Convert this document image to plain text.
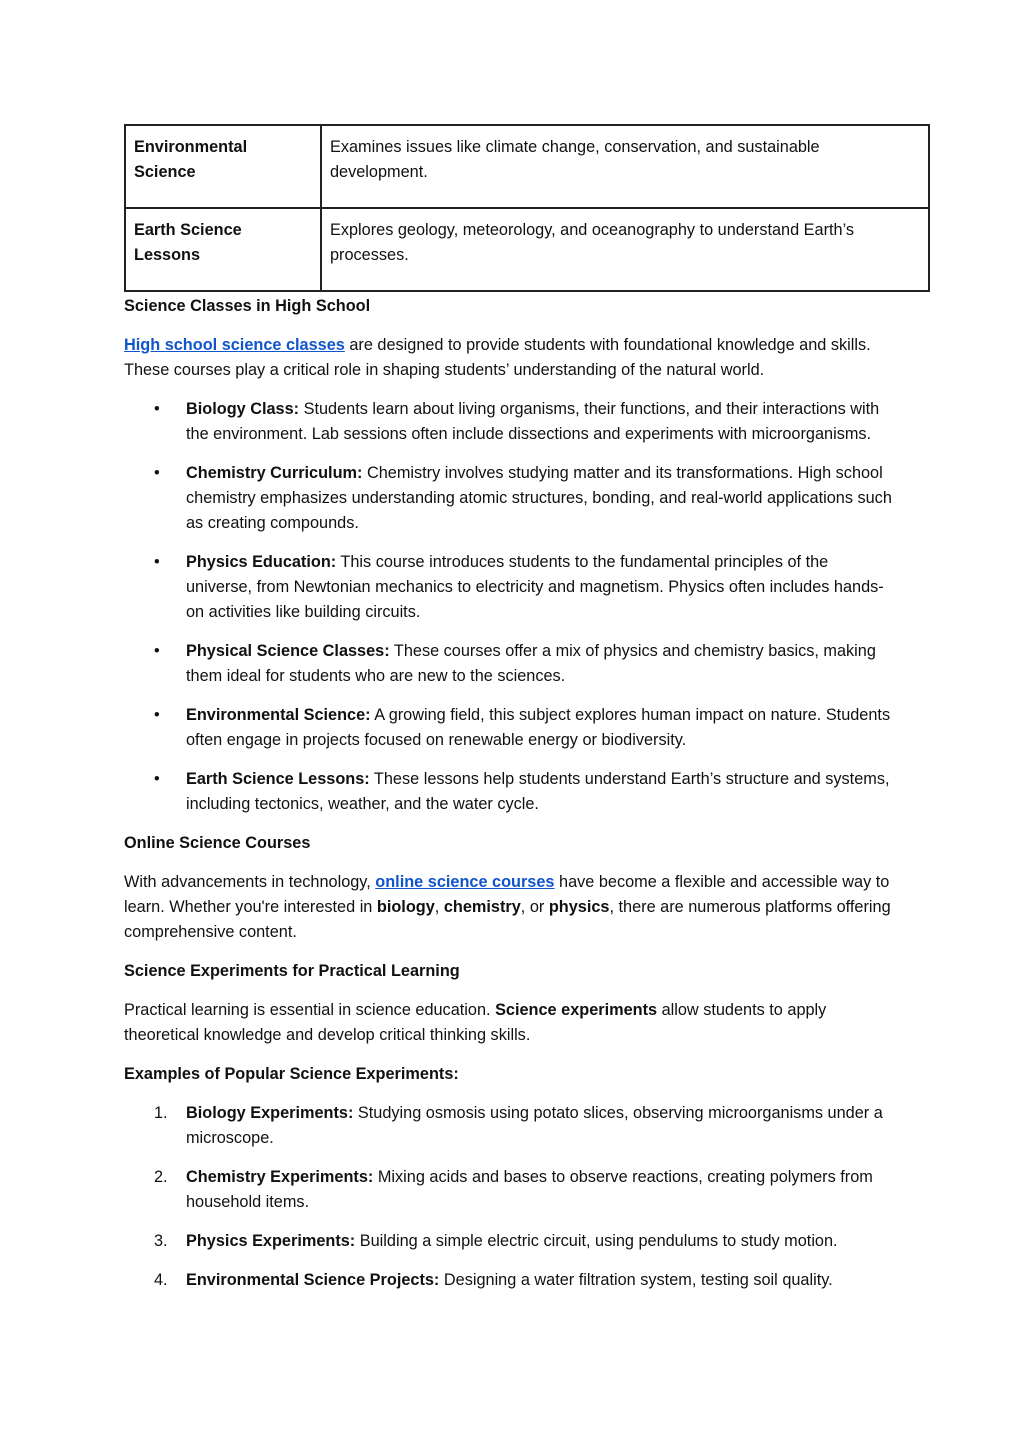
Environmental Science	Examines issues like climate change, conservation, and sustainable development.
Earth Science Lessons	Explores geology, meteorology, and oceanography to understand Earth’s processes.

Science Classes in High School

High school science classes are designed to provide students with foundational knowledge and skills. These courses play a critical role in shaping students’ understanding of the natural world.

• Biology Class: Students learn about living organisms, their functions, and their interactions with the environment. Lab sessions often include dissections and experiments with microorganisms.
• Chemistry Curriculum: Chemistry involves studying matter and its transformations. High school chemistry emphasizes understanding atomic structures, bonding, and real-world applications such as creating compounds.
• Physics Education: This course introduces students to the fundamental principles of the universe, from Newtonian mechanics to electricity and magnetism. Physics often includes hands-on activities like building circuits.
• Physical Science Classes: These courses offer a mix of physics and chemistry basics, making them ideal for students who are new to the sciences.
• Environmental Science: A growing field, this subject explores human impact on nature. Students often engage in projects focused on renewable energy or biodiversity.
• Earth Science Lessons: These lessons help students understand Earth’s structure and systems, including tectonics, weather, and the water cycle.

Online Science Courses

With advancements in technology, online science courses have become a flexible and accessible way to learn. Whether you're interested in biology, chemistry, or physics, there are numerous platforms offering comprehensive content.

Science Experiments for Practical Learning

Practical learning is essential in science education. Science experiments allow students to apply theoretical knowledge and develop critical thinking skills.

Examples of Popular Science Experiments:

1. Biology Experiments: Studying osmosis using potato slices, observing microorganisms under a microscope.
2. Chemistry Experiments: Mixing acids and bases to observe reactions, creating polymers from household items.
3. Physics Experiments: Building a simple electric circuit, using pendulums to study motion.
4. Environmental Science Projects: Designing a water filtration system, testing soil quality.
